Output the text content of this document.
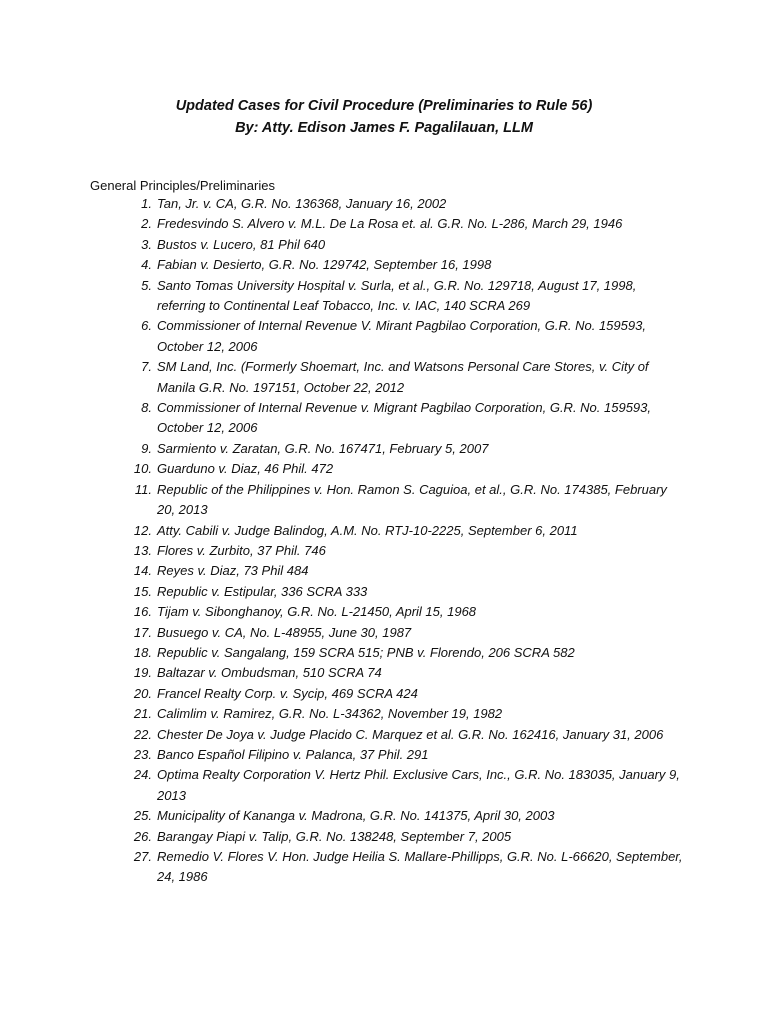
Updated Cases for Civil Procedure (Preliminaries to Rule 56)
By: Atty. Edison James F. Pagalilauan, LLM
General Principles/Preliminaries
1. Tan, Jr. v. CA, G.R. No. 136368, January 16, 2002
2. Fredesvindo S. Alvero v. M.L. De La Rosa et. al. G.R. No. L-286, March 29, 1946
3. Bustos v. Lucero, 81 Phil 640
4. Fabian v. Desierto, G.R. No. 129742, September 16, 1998
5. Santo Tomas University Hospital v. Surla, et al., G.R. No. 129718, August 17, 1998, referring to Continental Leaf Tobacco, Inc. v. IAC, 140 SCRA 269
6. Commissioner of Internal Revenue V. Mirant Pagbilao Corporation, G.R. No. 159593, October 12, 2006
7. SM Land, Inc. (Formerly Shoemart, Inc. and Watsons Personal Care Stores, v. City of Manila G.R. No. 197151, October 22, 2012
8. Commissioner of Internal Revenue v. Migrant Pagbilao Corporation, G.R. No. 159593, October 12, 2006
9. Sarmiento v. Zaratan, G.R. No. 167471, February 5, 2007
10. Guarduno v. Diaz, 46 Phil. 472
11. Republic of the Philippines v. Hon. Ramon S. Caguioa, et al., G.R. No. 174385, February 20, 2013
12. Atty. Cabili v. Judge Balindog, A.M. No. RTJ-10-2225, September 6, 2011
13. Flores v. Zurbito, 37 Phil. 746
14. Reyes v. Diaz, 73 Phil 484
15. Republic v. Estipular, 336 SCRA 333
16. Tijam v. Sibonghanoy, G.R. No. L-21450, April 15, 1968
17. Busuego v. CA, No. L-48955, June 30, 1987
18. Republic v. Sangalang, 159 SCRA 515; PNB v. Florendo, 206 SCRA 582
19. Baltazar v. Ombudsman, 510 SCRA 74
20. Francel Realty Corp. v. Sycip, 469 SCRA 424
21. Calimlim v. Ramirez, G.R. No. L-34362, November 19, 1982
22. Chester De Joya v. Judge Placido C. Marquez et al. G.R. No. 162416, January 31, 2006
23. Banco Español Filipino v. Palanca, 37 Phil. 291
24. Optima Realty Corporation V. Hertz Phil. Exclusive Cars, Inc., G.R. No. 183035, January 9, 2013
25. Municipality of Kananga v. Madrona, G.R. No. 141375, April 30, 2003
26. Barangay Piapi v. Talip, G.R. No. 138248, September 7, 2005
27. Remedio V. Flores V. Hon. Judge Heilia S. Mallare-Phillipps, G.R. No. L-66620, September, 24, 1986
